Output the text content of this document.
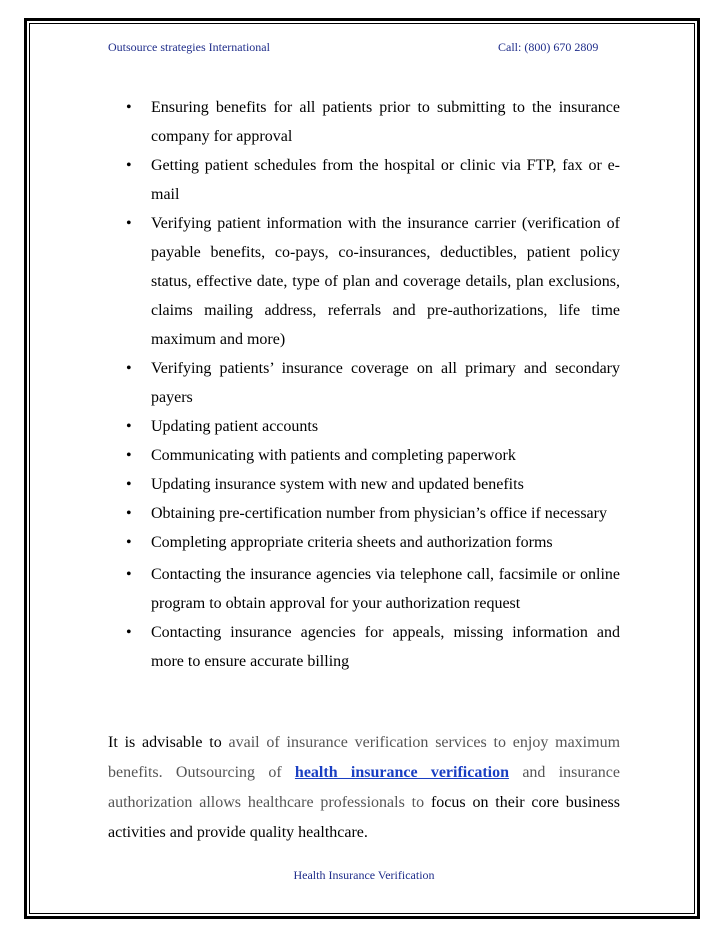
Outsource strategies International	Call: (800) 670 2809
• Ensuring benefits for all patients prior to submitting to the insurance company for approval
• Getting patient schedules from the hospital or clinic via FTP, fax or e-mail
• Verifying patient information with the insurance carrier (verification of payable benefits, co-pays, co-insurances, deductibles, patient policy status, effective date, type of plan and coverage details, plan exclusions, claims mailing address, referrals and pre-authorizations, life time maximum and more)
• Verifying patients’ insurance coverage on all primary and secondary payers
• Updating patient accounts
• Communicating with patients and completing paperwork
• Updating insurance system with new and updated benefits
• Obtaining pre-certification number from physician’s office if necessary
• Completing appropriate criteria sheets and authorization forms
• Contacting the insurance agencies via telephone call, facsimile or online program to obtain approval for your authorization request
• Contacting insurance agencies for appeals, missing information and more to ensure accurate billing

It is advisable to avail of insurance verification services to enjoy maximum benefits. Outsourcing of health insurance verification and insurance authorization allows healthcare professionals to focus on their core business activities and provide quality healthcare.

Health Insurance Verification
